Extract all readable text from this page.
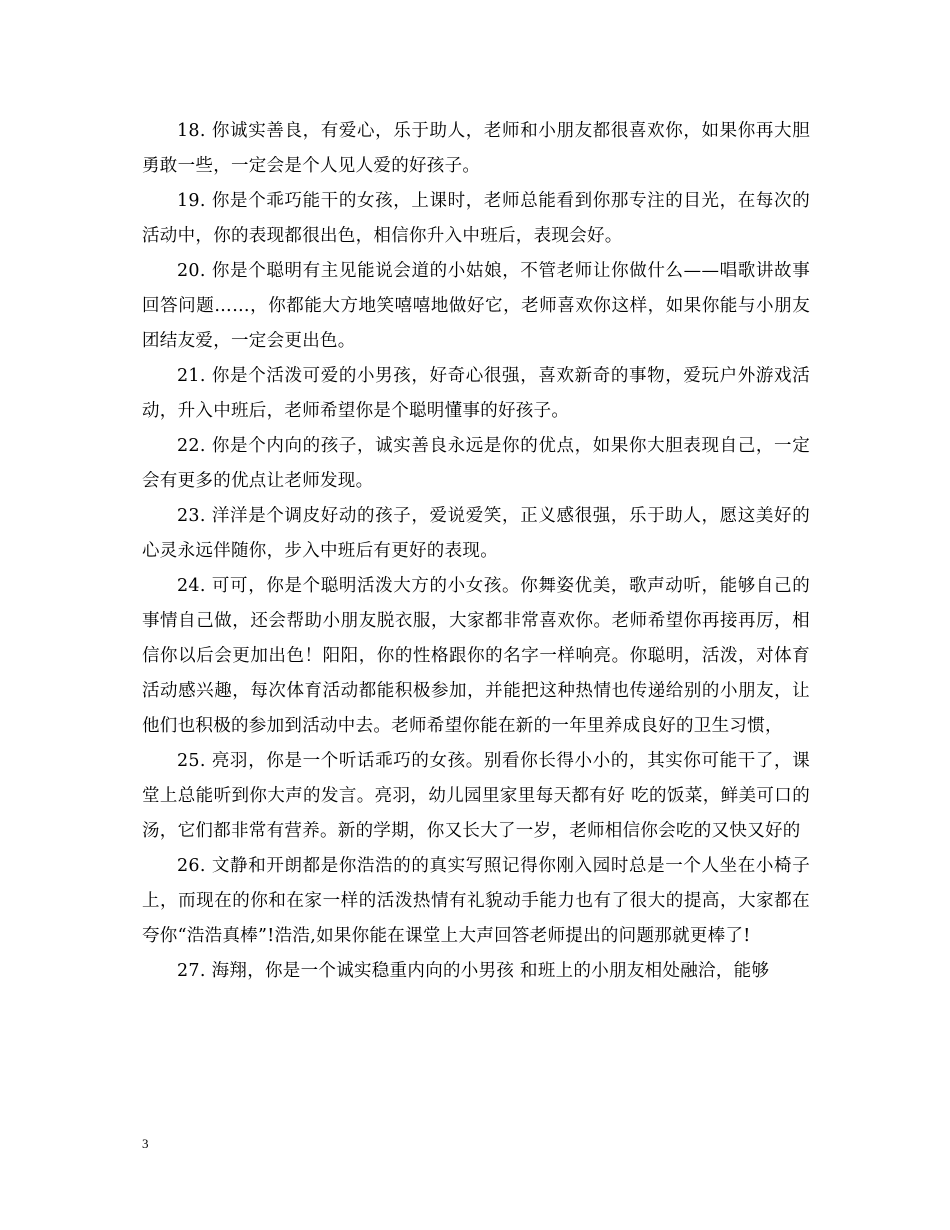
18. 你诚实善良，有爱心，乐于助人，老师和小朋友都很喜欢你，如果你再大胆勇敢一些，一定会是个人见人爱的好孩子。

19. 你是个乖巧能干的女孩，上课时，老师总能看到你那专注的目光，在每次的活动中，你的表现都很出色，相信你升入中班后，表现会好。

20. 你是个聪明有主见能说会道的小姑娘，不管老师让你做什么——唱歌讲故事回答问题……，你都能大方地笑嘻嘻地做好它，老师喜欢你这样，如果你能与小朋友团结友爱，一定会更出色。

21. 你是个活泼可爱的小男孩，好奇心很强，喜欢新奇的事物，爱玩户外游戏活动，升入中班后，老师希望你是个聪明懂事的好孩子。

22. 你是个内向的孩子，诚实善良永远是你的优点，如果你大胆表现自己，一定会有更多的优点让老师发现。

23. 洋洋是个调皮好动的孩子，爱说爱笑，正义感很强，乐于助人，愿这美好的心灵永远伴随你，步入中班后有更好的表现。

24. 可可，你是个聪明活泼大方的小女孩。你舞姿优美，歌声动听，能够自己的事情自己做，还会帮助小朋友脱衣服，大家都非常喜欢你。老师希望你再接再厉，相信你以后会更加出色！阳阳，你的性格跟你的名字一样响亮。你聪明，活泼，对体育活动感兴趣，每次体育活动都能积极参加，并能把这种热情也传递给别的小朋友，让他们也积极的参加到活动中去。老师希望你能在新的一年里养成良好的卫生习惯，

25. 亮羽，你是一个听话乖巧的女孩。别看你长得小小的，其实你可能干了，课堂上总能听到你大声的发言。亮羽，幼儿园里家里每天都有好 吃的饭菜，鲜美可口的汤，它们都非常有营养。新的学期，你又长大了一岁，老师相信你会吃的又快又好的

26. 文静和开朗都是你浩浩的的真实写照记得你刚入园时总是一个人坐在小椅子上，而现在的你和在家一样的活泼热情有礼貌动手能力也有了很大的提高，大家都在夸你“浩浩真棒”!浩浩,如果你能在课堂上大声回答老师提出的问题那就更棒了!

27. 海翔，你是一个诚实稳重内向的小男孩 和班上的小朋友相处融洽，能够

3
